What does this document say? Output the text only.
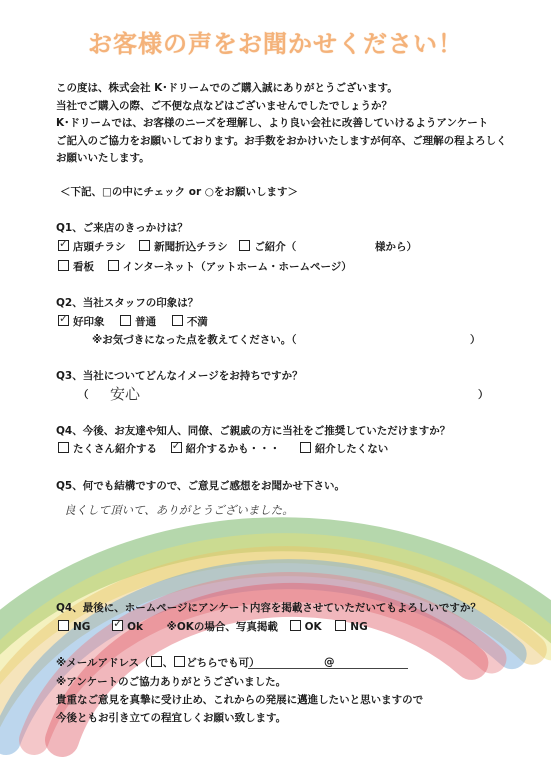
お客様の声をお聞かせください！
この度は、株式会社 K･ドリームでのご購入誠にありがとうございます。
当社でご購入の際、ご不便な点などはございませんでしたでしょうか？
K･ドリームでは、お客様のニーズを理解し、より良い会社に改善していけるようアンケート
ご記入のご協力をお願いしております。お手数をおかけいたしますが何卒、ご理解の程よろしく
お願いいたします。
＜下記、□の中にチェック or ○をお願いします＞
Q1、ご来店のきっかけは？
✓店頭チラシ	新聞折込チラシ	ご紹介（	様から）
看板	インターネット（アットホーム・ホームページ）
Q2、当社スタッフの印象は？
✓好印象	普通	不満
※お気づきになった点を教えてください。（	）
Q3、当社についてどんなイメージをお持ちですか？
（ 安心	）
Q4、今後、お友達や知人、同僚、ご親戚の方に当社をご推奨していただけますか？
たくさん紹介する ✓	紹介するかも・・・	紹介したくない
Q5、何でも結構ですので、ご意見ご感想をお聞かせ下さい。
良くして頂いて、ありがとうございました。
Q4、最後に、ホームページにアンケート内容を掲載させていただいてもよろしいですか？
NG ✓	Ok ※OKの場合、写真掲載	OK	NG
※メールアドレス（ 、 どちらでも可）	@
※アンケートのご協力ありがとうございました。
貴重なご意見を真摯に受け止め、これからの発展に邁進したいと思いますので
今後ともお引き立ての程宜しくお願い致します。
